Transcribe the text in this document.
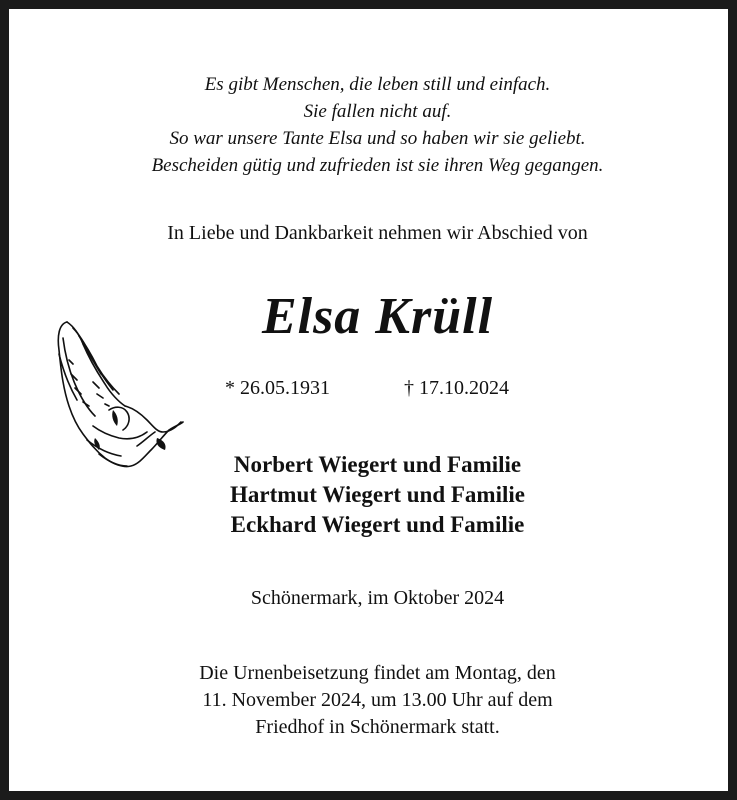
Es gibt Menschen, die leben still und einfach.
Sie fallen nicht auf.
So war unsere Tante Elsa und so haben wir sie geliebt.
Bescheiden gütig und zufrieden ist sie ihren Weg gegangen.
In Liebe und Dankbarkeit nehmen wir Abschied von
Elsa Krüll
* 26.05.1931	† 17.10.2024
Norbert Wiegert und Familie
Hartmut Wiegert und Familie
Eckhard Wiegert und Familie
Schönermark, im Oktober 2024
Die Urnenbeisetzung findet am Montag, den
11. November 2024, um 13.00 Uhr auf dem
Friedhof in Schönermark statt.
